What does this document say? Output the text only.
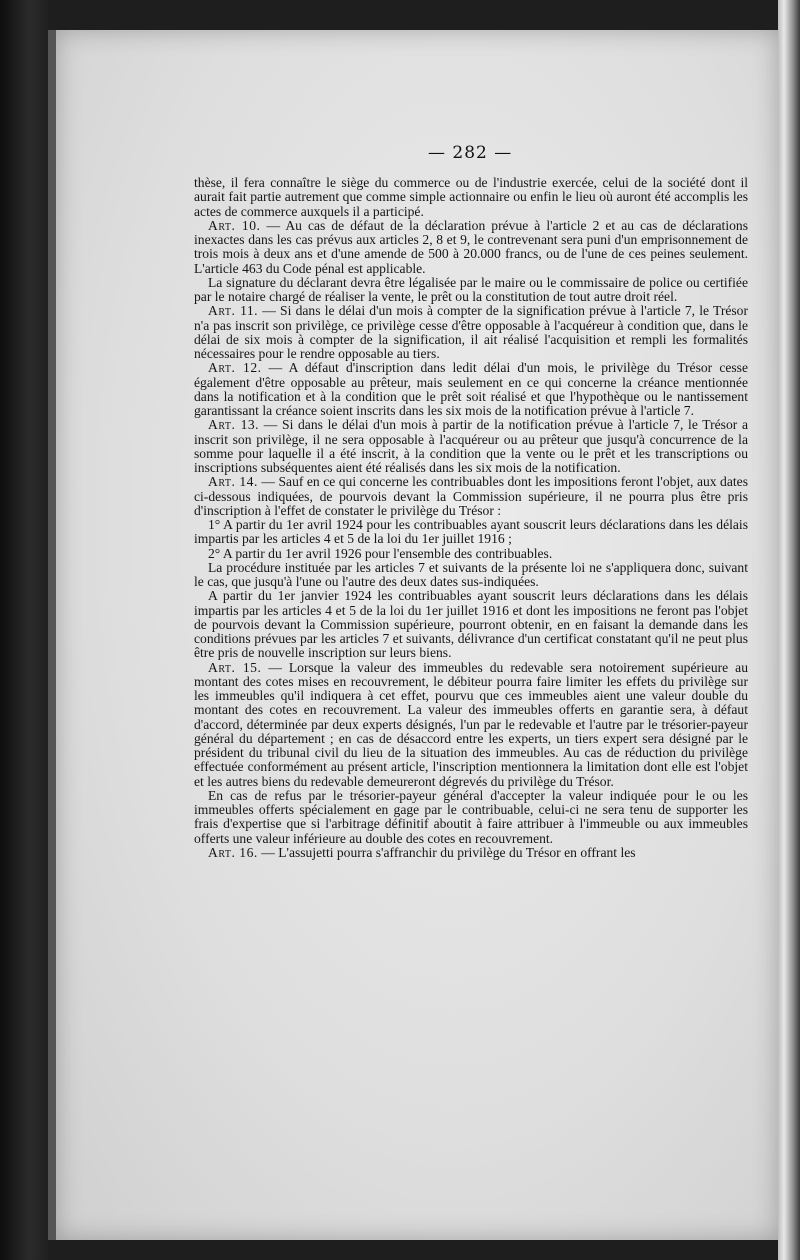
— 282 —

thèse, il fera connaître le siège du commerce ou de l'industrie exercée, celui de la société dont il aurait fait partie autrement que comme simple actionnaire ou enfin le lieu où auront été accomplis les actes de commerce auxquels il a participé.

Art. 10. — Au cas de défaut de la déclaration prévue à l'article 2 et au cas de déclarations inexactes dans les cas prévus aux articles 2, 8 et 9, le contrevenant sera puni d'un emprisonnement de trois mois à deux ans et d'une amende de 500 à 20.000 francs, ou de l'une de ces peines seulement. L'article 463 du Code pénal est applicable.

La signature du déclarant devra être légalisée par le maire ou le commissaire de police ou certifiée par le notaire chargé de réaliser la vente, le prêt ou la constitution de tout autre droit réel.

Art. 11. — Si dans le délai d'un mois à compter de la signification prévue à l'article 7, le Trésor n'a pas inscrit son privilège, ce privilège cesse d'être opposable à l'acquéreur à condition que, dans le délai de six mois à compter de la signification, il ait réalisé l'acquisition et rempli les formalités nécessaires pour le rendre opposable au tiers.

Art. 12. — A défaut d'inscription dans ledit délai d'un mois, le privilège du Trésor cesse également d'être opposable au prêteur, mais seulement en ce qui concerne la créance mentionnée dans la notification et à la condition que le prêt soit réalisé et que l'hypothèque ou le nantissement garantissant la créance soient inscrits dans les six mois de la notification prévue à l'article 7.

Art. 13. — Si dans le délai d'un mois à partir de la notification prévue à l'article 7, le Trésor a inscrit son privilège, il ne sera opposable à l'acquéreur ou au prêteur que jusqu'à concurrence de la somme pour laquelle il a été inscrit, à la condition que la vente ou le prêt et les transcriptions ou inscriptions subséquentes aient été réalisés dans les six mois de la notification.

Art. 14. — Sauf en ce qui concerne les contribuables dont les impositions feront l'objet, aux dates ci-dessous indiquées, de pourvois devant la Commission supérieure, il ne pourra plus être pris d'inscription à l'effet de constater le privilège du Trésor :

1° A partir du 1er avril 1924 pour les contribuables ayant souscrit leurs déclarations dans les délais impartis par les articles 4 et 5 de la loi du 1er juillet 1916 ;

2° A partir du 1er avril 1926 pour l'ensemble des contribuables.

La procédure instituée par les articles 7 et suivants de la présente loi ne s'appliquera donc, suivant le cas, que jusqu'à l'une ou l'autre des deux dates sus-indiquées.

A partir du 1er janvier 1924 les contribuables ayant souscrit leurs déclarations dans les délais impartis par les articles 4 et 5 de la loi du 1er juillet 1916 et dont les impositions ne feront pas l'objet de pourvois devant la Commission supérieure, pourront obtenir, en en faisant la demande dans les conditions prévues par les articles 7 et suivants, délivrance d'un certificat constatant qu'il ne peut plus être pris de nouvelle inscription sur leurs biens.

Art. 15. — Lorsque la valeur des immeubles du redevable sera notoirement supérieure au montant des cotes mises en recouvrement, le débiteur pourra faire limiter les effets du privilège sur les immeubles qu'il indiquera à cet effet, pourvu que ces immeubles aient une valeur double du montant des cotes en recouvrement. La valeur des immeubles offerts en garantie sera, à défaut d'accord, déterminée par deux experts désignés, l'un par le redevable et l'autre par le trésorier-payeur général du département ; en cas de désaccord entre les experts, un tiers expert sera désigné par le président du tribunal civil du lieu de la situation des immeubles. Au cas de réduction du privilège effectuée conformément au présent article, l'inscription mentionnera la limitation dont elle est l'objet et les autres biens du redevable demeureront dégrevés du privilège du Trésor.

En cas de refus par le trésorier-payeur général d'accepter la valeur indiquée pour le ou les immeubles offerts spécialement en gage par le contribuable, celui-ci ne sera tenu de supporter les frais d'expertise que si l'arbitrage définitif aboutit à faire attribuer à l'immeuble ou aux immeubles offerts une valeur inférieure au double des cotes en recouvrement.

Art. 16. — L'assujetti pourra s'affranchir du privilège du Trésor en offrant les
